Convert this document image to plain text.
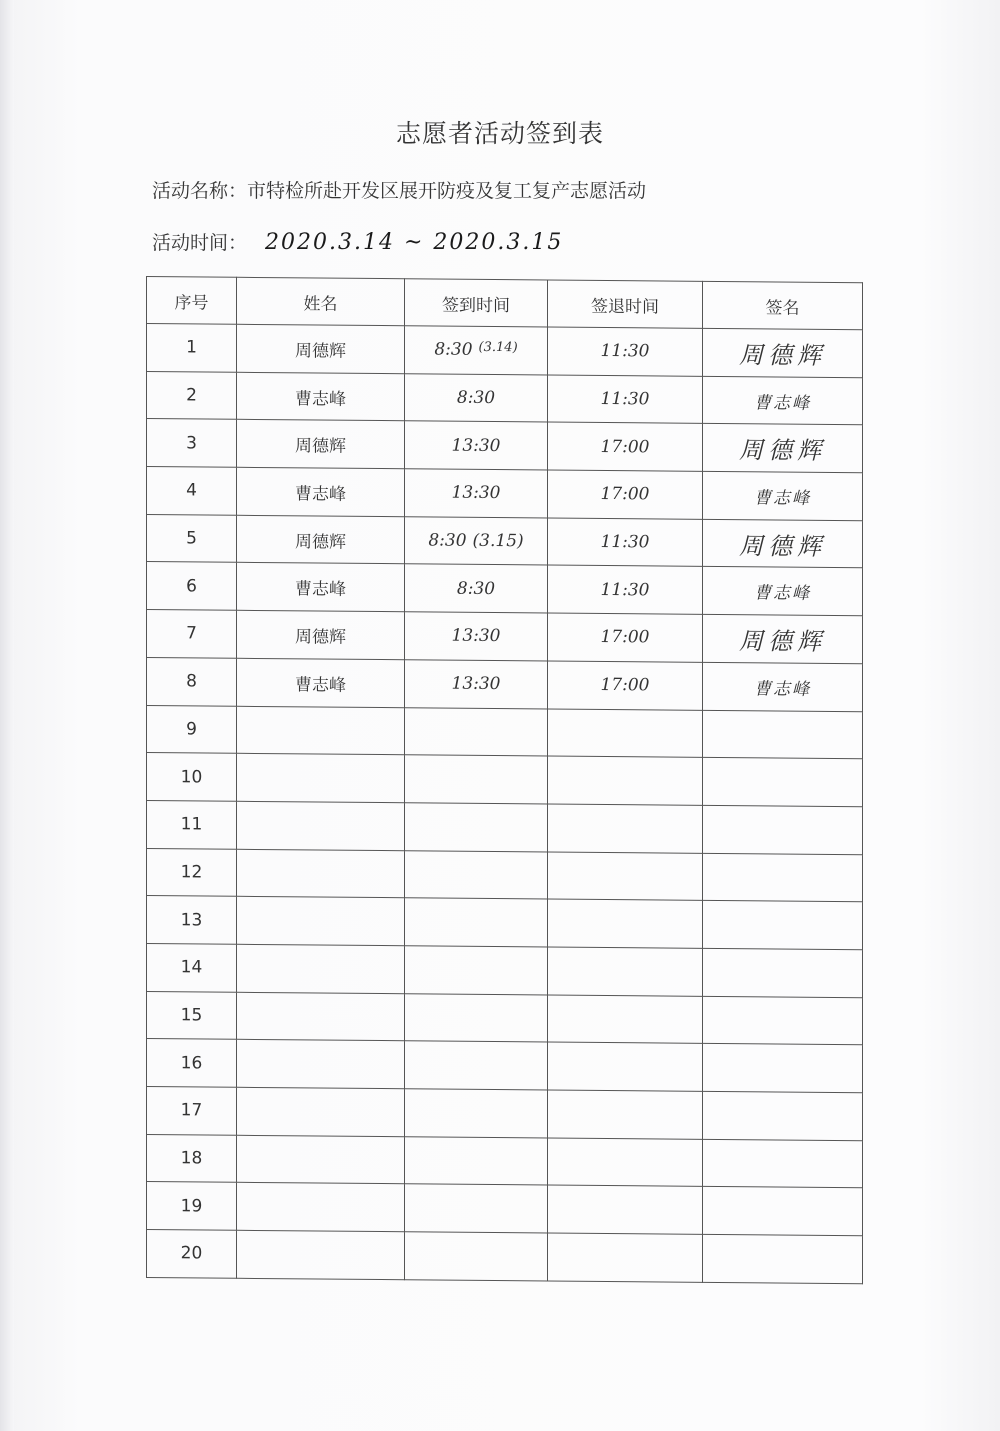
志愿者活动签到表
活动名称：市特检所赴开发区展开防疫及复工复产志愿活动
活动时间： 2020.3.14 ~ 2020.3.15
序号	姓名	签到时间	签退时间	签名
1	周德辉	8:30 $^{(3.14)}$	11:30	周德辉
2	曹志峰	8:30	11:30	曹志峰
3	周德辉	13:30	17:00	周德辉
4	曹志峰	13:30	17:00	曹志峰
5	周德辉	8:30 (3.15)	11:30	周德辉
6	曹志峰	8:30	11:30	曹志峰
7	周德辉	13:30	17:00	周德辉
8	曹志峰	13:30	17:00	曹志峰
9				
10				
11				
12				
13				
14				
15				
16				
17				
18				
19				
20				
